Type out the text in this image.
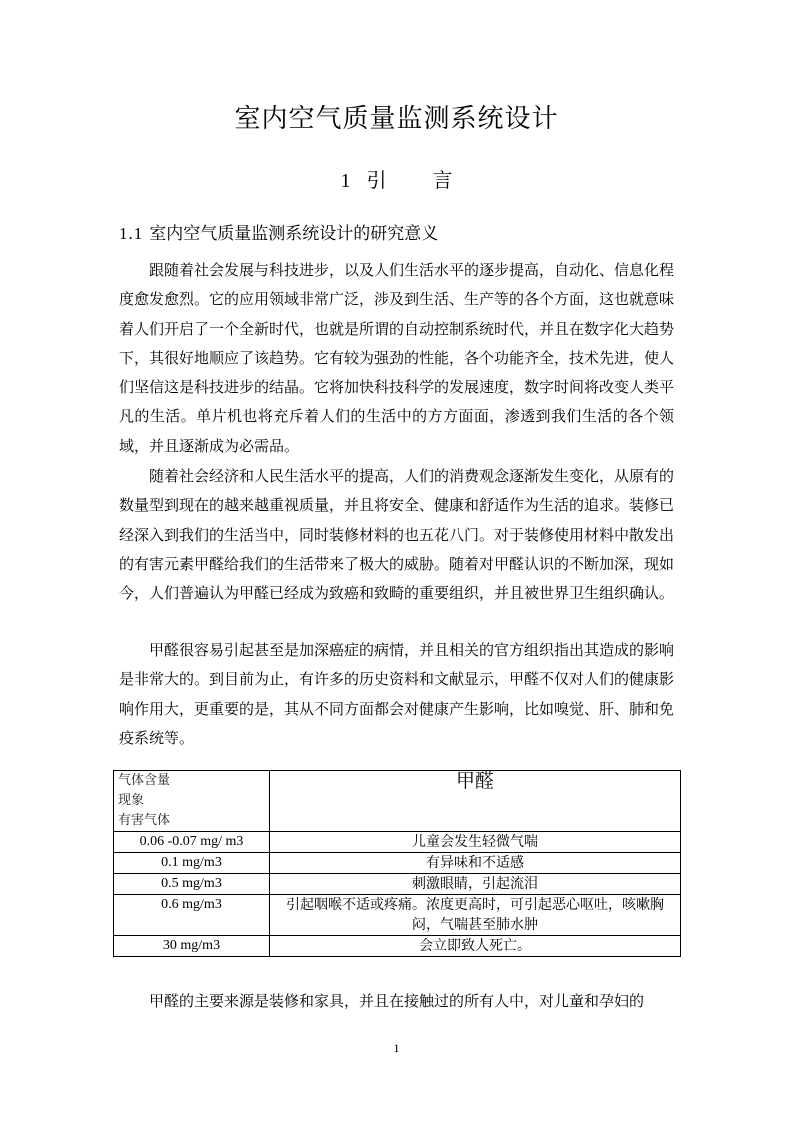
室内空气质量监测系统设计
1 引 言
1.1 室内空气质量监测系统设计的研究意义

跟随着社会发展与科技进步，以及人们生活水平的逐步提高，自动化、信息化程度愈发愈烈。它的应用领域非常广泛，涉及到生活、生产等的各个方面，这也就意味着人们开启了一个全新时代，也就是所谓的自动控制系统时代，并且在数字化大趋势下，其很好地顺应了该趋势。它有较为强劲的性能，各个功能齐全，技术先进，使人们坚信这是科技进步的结晶。它将加快科技科学的发展速度，数字时间将改变人类平凡的生活。单片机也将充斥着人们的生活中的方方面面，渗透到我们生活的各个领域，并且逐渐成为必需品。

随着社会经济和人民生活水平的提高，人们的消费观念逐渐发生变化，从原有的数量型到现在的越来越重视质量，并且将安全、健康和舒适作为生活的追求。装修已经深入到我们的生活当中，同时装修材料的也五花八门。对于装修使用材料中散发出的有害元素甲醛给我们的生活带来了极大的威胁。随着对甲醛认识的不断加深，现如今，人们普遍认为甲醛已经成为致癌和致畸的重要组织，并且被世界卫生组织确认。

甲醛很容易引起甚至是加深癌症的病情，并且相关的官方组织指出其造成的影响是非常大的。到目前为止，有许多的历史资料和文献显示，甲醛不仅对人们的健康影响作用大，更重要的是，其从不同方面都会对健康产生影响，比如嗅觉、肝、肺和免疫系统等。

气体含量
现象
有害气体	甲醛
0.06 -0.07 mg/ m3	儿童会发生轻微气喘
0.1 mg/m3	有异味和不适感
0.5 mg/m3	刺激眼睛，引起流泪
0.6 mg/m3	引起咽喉不适或疼痛。浓度更高时，可引起恶心呕吐，咳嗽胸闷，气喘甚至肺水肿
30 mg/m3	会立即致人死亡。

甲醛的主要来源是装修和家具，并且在接触过的所有人中，对儿童和孕妇的

1
